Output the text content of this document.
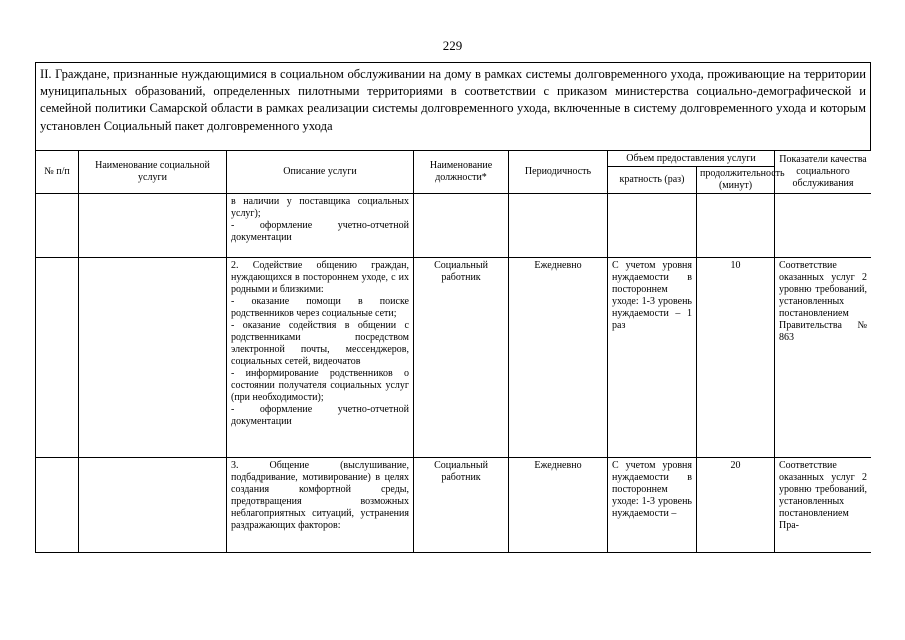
229
II. Граждане, признанные нуждающимися в социальном обслуживании на дому в рамках системы долговременного ухода, проживающие на территории муниципальных образований, определенных пилотными территориями в соответствии с приказом министерства социально-демографической и семейной политики Самарской области в рамках реализации системы долговременного ухода, включенные в систему долговременного ухода и которым установлен Социальный пакет долговременного ухода
№ п/п	Наименование социальной услуги	Описание услуги	Наименование должности*	Периодичность	Объем предоставления услуги		Показатели качества социального обслуживания
					кратность (раз)	продолжительность (минут)	

		в наличии у поставщика социальных услуг);
- оформление учетно-отчетной документации					

		2. Содействие общению граждан, нуждающихся в постороннем уходе, с их родными и близкими:
- оказание помощи в поиске родственников через социальные сети;
- оказание содействия в общении с родственниками посредством электронной почты, мессенджеров, социальных сетей, видеочатов
- информирование родственников о состоянии получателя социальных услуг (при необходимости);
- оформление учетно-отчетной документации	Социальный работник	Ежедневно	С учетом уровня нуждаемости в постороннем уходе: 1-3 уровень нуждаемости – 1 раз	10	Соответствие оказанных услуг 2 уровню требований, установленных постановлением Правительства № 863
		3. Общение (выслушивание, подбадривание, мотивирование) в целях создания комфортной среды, предотвращения возможных неблагоприятных ситуаций, устранения раздражающих факторов:	Социальный работник	Ежедневно	С учетом уровня нуждаемости в постороннем уходе: 1-3 уровень нуждаемости –	20	Соответствие оказанных услуг 2 уровню требований, установленных постановлением Пра-
